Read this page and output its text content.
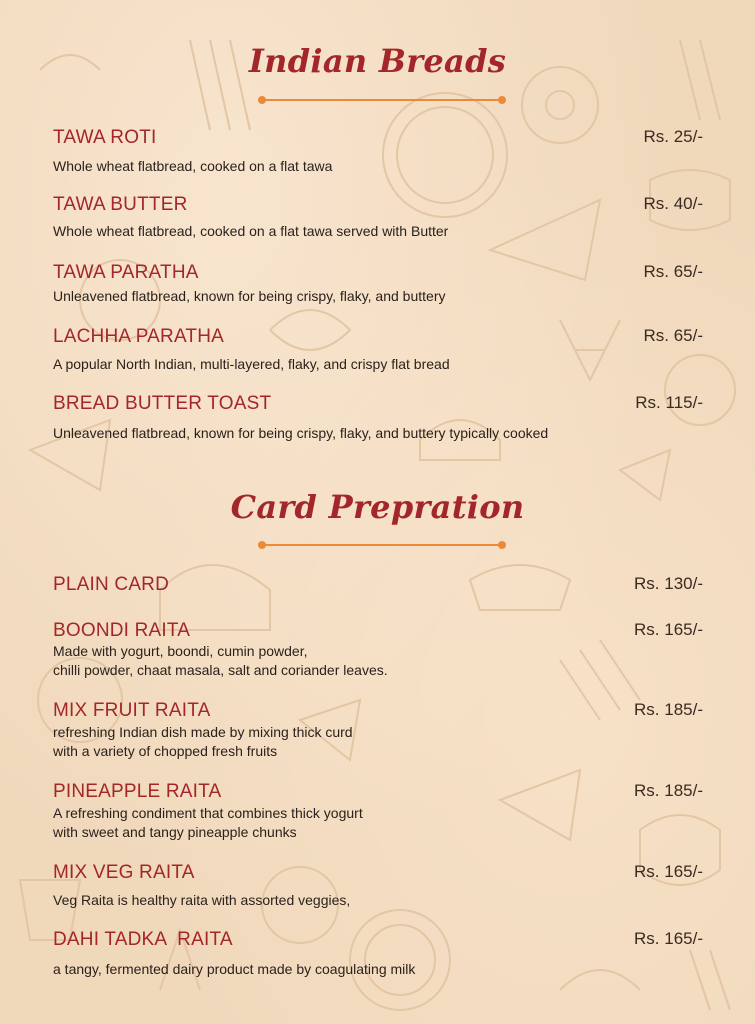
Indian Breads
TAWA ROTI	Rs. 25/-
Whole wheat flatbread, cooked on a flat tawa
TAWA BUTTER	Rs. 40/-
Whole wheat flatbread, cooked on a flat tawa served with Butter
TAWA PARATHA	Rs. 65/-
Unleavened flatbread, known for being crispy, flaky, and buttery
LACHHA PARATHA	Rs. 65/-
A popular North Indian, multi-layered, flaky, and crispy flat bread
BREAD BUTTER TOAST	Rs. 115/-
Unleavened flatbread, known for being crispy, flaky, and buttery typically cooked
Card Prepration
PLAIN CARD	Rs. 130/-
BOONDI RAITA	Rs. 165/-
Made with yogurt, boondi, cumin powder,
chilli powder, chaat masala, salt and coriander leaves.
MIX FRUIT RAITA	Rs. 185/-
refreshing Indian dish made by mixing thick curd
with a variety of chopped fresh fruits
PINEAPPLE RAITA	Rs. 185/-
A refreshing condiment that combines thick yogurt
with sweet and tangy pineapple chunks
MIX VEG RAITA	Rs. 165/-
Veg Raita is healthy raita with assorted veggies,
DAHI TADKA  RAITA	Rs. 165/-
a tangy, fermented dairy product made by coagulating milk
